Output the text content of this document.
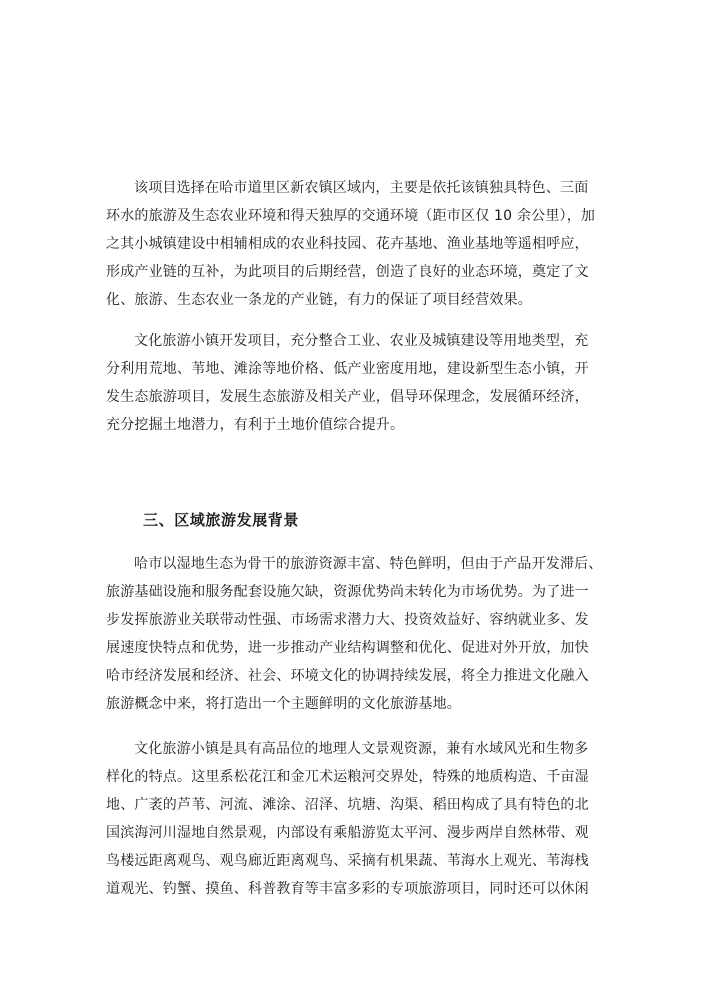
该项目选择在哈市道里区新农镇区域内，主要是依托该镇独具特色、三面
环水的旅游及生态农业环境和得天独厚的交通环境（距市区仅 10 余公里），加
之其小城镇建设中相辅相成的农业科技园、花卉基地、渔业基地等遥相呼应，
形成产业链的互补，为此项目的后期经营，创造了良好的业态环境，奠定了文
化、旅游、生态农业一条龙的产业链，有力的保证了项目经营效果。
文化旅游小镇开发项目，充分整合工业、农业及城镇建设等用地类型，充
分利用荒地、苇地、滩涂等地价格、低产业密度用地，建设新型生态小镇，开
发生态旅游项目，发展生态旅游及相关产业，倡导环保理念，发展循环经济，
充分挖掘土地潜力，有利于土地价值综合提升。
三、区域旅游发展背景
哈市以湿地生态为骨干的旅游资源丰富、特色鲜明，但由于产品开发滞后、
旅游基础设施和服务配套设施欠缺，资源优势尚未转化为市场优势。为了进一
步发挥旅游业关联带动性强、市场需求潜力大、投资效益好、容纳就业多、发
展速度快特点和优势，进一步推动产业结构调整和优化、促进对外开放，加快
哈市经济发展和经济、社会、环境文化的协调持续发展，将全力推进文化融入
旅游概念中来，将打造出一个主题鲜明的文化旅游基地。
文化旅游小镇是具有高品位的地理人文景观资源，兼有水域风光和生物多
样化的特点。这里系松花江和金兀术运粮河交界处，特殊的地质构造、千亩湿
地、广袤的芦苇、河流、滩涂、沼泽、坑塘、沟渠、稻田构成了具有特色的北
国滨海河川湿地自然景观，内部设有乘船游览太平河、漫步两岸自然林带、观
鸟楼远距离观鸟、观鸟廊近距离观鸟、采摘有机果蔬、苇海水上观光、苇海栈
道观光、钓蟹、摸鱼、科普教育等丰富多彩的专项旅游项目，同时还可以休闲
